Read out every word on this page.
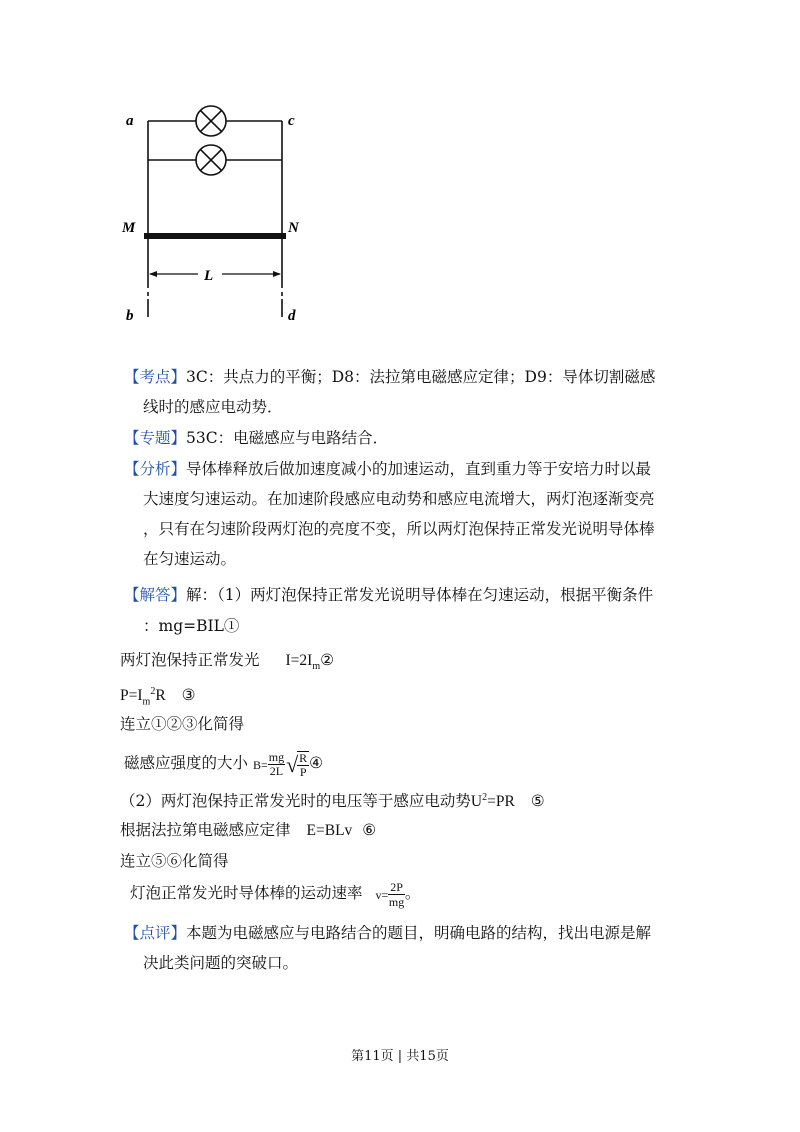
a	c
M	N
L
b	d
【考点】3C：共点力的平衡；D8：法拉第电磁感应定律；D9：导体切割磁感
线时的感应电动势．
【专题】53C：电磁感应与电路结合．
【分析】导体棒释放后做加速度减小的加速运动，直到重力等于安培力时以最
大速度匀速运动。在加速阶段感应电动势和感应电流增大，两灯泡逐渐变亮
，只有在匀速阶段两灯泡的亮度不变，所以两灯泡保持正常发光说明导体棒
在匀速运动。
【解答】解：（1）两灯泡保持正常发光说明导体棒在匀速运动，根据平衡条件
：mg=BIL①
两灯泡保持正常发光 $I=2I_m②$
$P=I_m^2R$ ③
连立①②③化简得
磁感应强度的大小 $B= \frac{mg}{2L}$ √ $\frac{R}{P}$ ④
（2）两灯泡保持正常发光时的电压等于感应电动势$U^2=PR$ ⑤
根据法拉第电磁感应定律 E=BLv ⑥
连立⑤⑥化简得
灯泡正常发光时导体棒的运动速率 $v= \frac{2P}{mg}$ 。
【点评】本题为电磁感应与电路结合的题目，明确电路的结构，找出电源是解
决此类问题的突破口。
第11页 | 共15页
